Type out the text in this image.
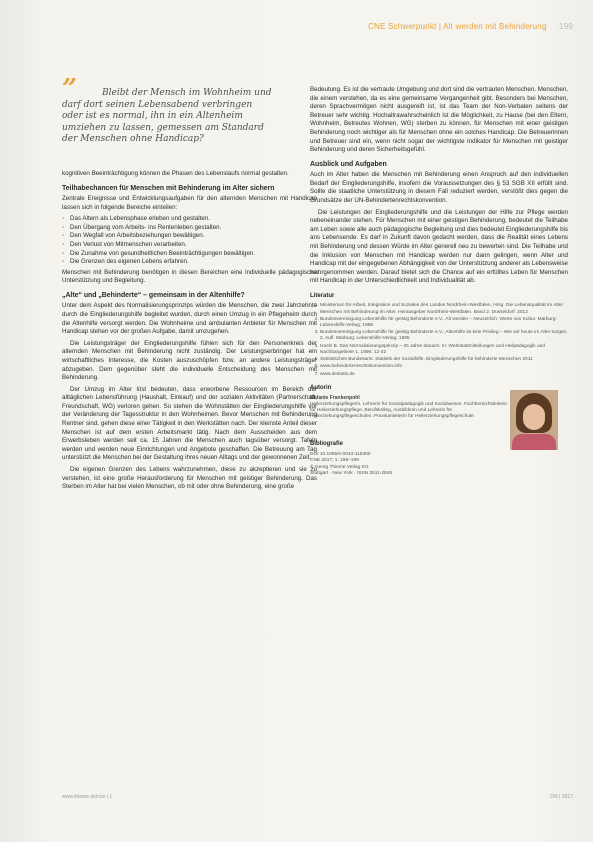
CNE Schwerpunkt | Alt werden mit Behinderung 199
”	Bleibt der Mensch im Wohnheim und darf dort seinen Lebensabend verbringen oder ist es normal, ihn in ein Altenheim umziehen zu lassen, gemessen am Standard der Menschen ohne Handicap?

kognitiven Beeinträchtigung können die Phasen des Lebenslaufs normal gestalten.

Teilhabechancen für Menschen mit Behinderung im Alter sichern

Zentrale Ereignisse und Entwicklungsaufgaben für den alternden Menschen mit Handicap lassen sich in folgende Bereiche einteilen:

▪ Das Altern als Lebensphase erleben und gestalten.
▪ Den Übergang vom Arbeits- ins Rentenleben gestalten.
▪ Den Wegfall von Arbeitsbeziehungen bewältigen.
▪ Den Verlust von Mitmenschen verarbeiten.
▪ Die Zunahme von gesundheitlichen Beeinträchtigungen bewältigen.
▪ Die Grenzen des eigenen Lebens erfahren.

Menschen mit Behinderung benötigen in diesen Bereichen eine individuelle pädagogische Unterstützung und Begleitung.

„Alte“ und „Behinderte“ – gemeinsam in der Altenhilfe?

Unter dem Aspekt des Normalisierungsprinzips würden die Menschen, die zwei Jahrzehnte durch die Eingliederungshilfe begleitet wurden, durch einen Umzug in ein Pflegeheim durch die Altenhilfe versorgt werden. Die Wohnheime und ambulanten Anbieter für Menschen mit Handicap stehen vor der großen Aufgabe, damit umzugehen.

Die Leistungsträger der Eingliederungshilfe fühlen sich für den Personenkreis der alternden Menschen mit Behinderung nicht zuständig. Der Leistungserbringer hat ein wirtschaftliches Interesse, die Kosten auszuschöpfen bzw. an andere Leistungsträger abzugeben. Dem gegenüber steht die individuelle Entscheidung des Menschen mit Behinderung.

Der Umzug im Alter löst bedeuten, dass erworbene Ressourcen im Bereich der alltäglichen Lebensführung (Haushalt, Einkauf) und der sozialen Aktivitäten (Partnerschaft, Freundschaft, WG) verloren gehen. So stehen die Wohnstätten der Eingliederungshilfe vor der Veränderung der Tagesstruktur in den Wohnheimen. Bevor Menschen mit Behinderung Rentner sind, gehen diese einer Tätigkeit in den Werkstätten nach. Der kleinste Anteil dieser Menschen ist auf dem ersten Arbeitsmarkt tätig. Nach dem Ausscheiden aus dem Erwerbsleben werden seit ca. 15 Jahren die Menschen auch tagsüber versorgt. Tafeln werden und werden neue Einrichtungen und Angebote geschaffen. Die Betreuung am Tag unterstützt die Menschen bei der Gestaltung ihres neuen Alltags und der gewonnenen Zeit.

Die eigenen Grenzen des Lebens wahrzunehmen, diese zu akzeptieren und sie zu verstehen, ist eine große Herausforderung für Menschen mit geistiger Behinderung. Das Sterben im Alter hat bei vielen Menschen, ob mit oder ohne Behinderung, eine große

Bedeutung. Es ist die vertraute Umgebung und dort sind die vertrauten Menschen. Menschen, die einem verstehen, da es eine gemeinsame Vergangenheit gibt. Besonders bei Menschen, deren Sprachvermögen nicht ausgereift ist, ist das Team der Non-Verbalen seitens der Betreuer sehr wichtig. Hochaltrawahrscheinlich ist die Möglichkeit, zu Hause (bei den Eltern, Wohnheim, Betreutes Wohnen, WG) sterben zu können, für Menschen mit einer geistigen Behinderung noch wichtiger als für Menschen ohne ein solches Handicap. Die Betreuerinnen und Betreuer sind ein, wenn nicht sogar der wichtigste Indikator für Menschen mit geistiger Behinderung und deren Sicherheitsgefühl.

Ausblick und Aufgaben

Auch im Alter haben die Menschen mit Behinderung einen Anspruch auf den individuellen Bedarf der Eingliederungshilfe, insofern die Voraussetzungen des § 53 SGB XII erfüllt sind. Sollte die staatliche Unterstützung in diesem Fall reduziert werden, verstößt dies gegen die Grundsätze der UN-Behindertenrechtskonvention.

Die Leistungen der Eingliederungshilfe und die Leistungen der Hilfe zur Pflege werden nebeneinander stehen. Für Menschen mit einer geistigen Behinderung, bedeutet die Teilhabe am Leben sowie alle auch pädagogische Begleitung und dies bedeutet Eingliederungshilfe bis ans Lebensende. Es darf in Zukunft davon gedacht werden, dass die Realität eines Lebens mit Behinderung und dessen Würde im Alter generell neu zu bewerten sind. Die Teilhabe und die Inklusion von Menschen mit Handicap werden nur dann gelingen, wenn Alter und Handicap mit der eingegebenen Abhängigkeit von der Unterstützung anderer als Lebensweise wahrgenommen werden. Darauf bietet sich die Chance auf ein erfülltes Leben für Menschen mit Handicap in der Unterschiedlichkeit und Individualität ab.

Literatur
1. Ministerium für Arbeit, Integration und Soziales des Landes Nordrhein-Westfalen, Hrsg. Die Lebensqualität im Alter Menschen mit Behinderung im Alter. Herausgeber Nordrhein-Westfalen. Band 2. Düsseldorf: 2012
2. Bundesvereinigung Lebenshilfe für geistig Behinderte e.V., Alt werden – Neuzeitlich, Werte von Kultur. Marburg: Lebenshilfe-Verlag; 1996
3. Bundesvereinigung Lebenshilfe für geistig Behinderte e.V., Altenhilfe ist kein Privileg – Wie wir heute im Alter sorgen. 2. Aufl. Marburg: Lebenshilfe-Verlag; 1995
4. Hoelz B. Das Normalisierungsprinzip – 25 Jahre danach. In: Werkstattmitteilungen und Heilpädagogik und Nachbargebiete 1, 1996: 12-32
5. Statistisches Bundesamt. Statistik der Sozialhilfe, Eingliederungshilfe für behinderte Menschen 2011
6. www.behindertenrechtskonvention.info
7. www.destatis.de
Autorin
Melanie Frankenpohl
Heilerziehungspflegerin, Lehrerin für Sozialpädagogik und Sozialwesen. Fachbereichsleiterin für Heilerziehungspflege, Berufskolleg, Ausbilderin und Lehrerin für Heilerziehungspflegeschulen. Praxisanleiterin für Heilerziehungspflegeschule.
Bibliografie
DOI 10.1055/s-0043-115300
CNE.2017; 1: 199–199
© Georg Thieme Verlag KG
Stuttgart · New York · ISSN 2511-2848
www.thieme.de/cne | 1	199 | 2017
